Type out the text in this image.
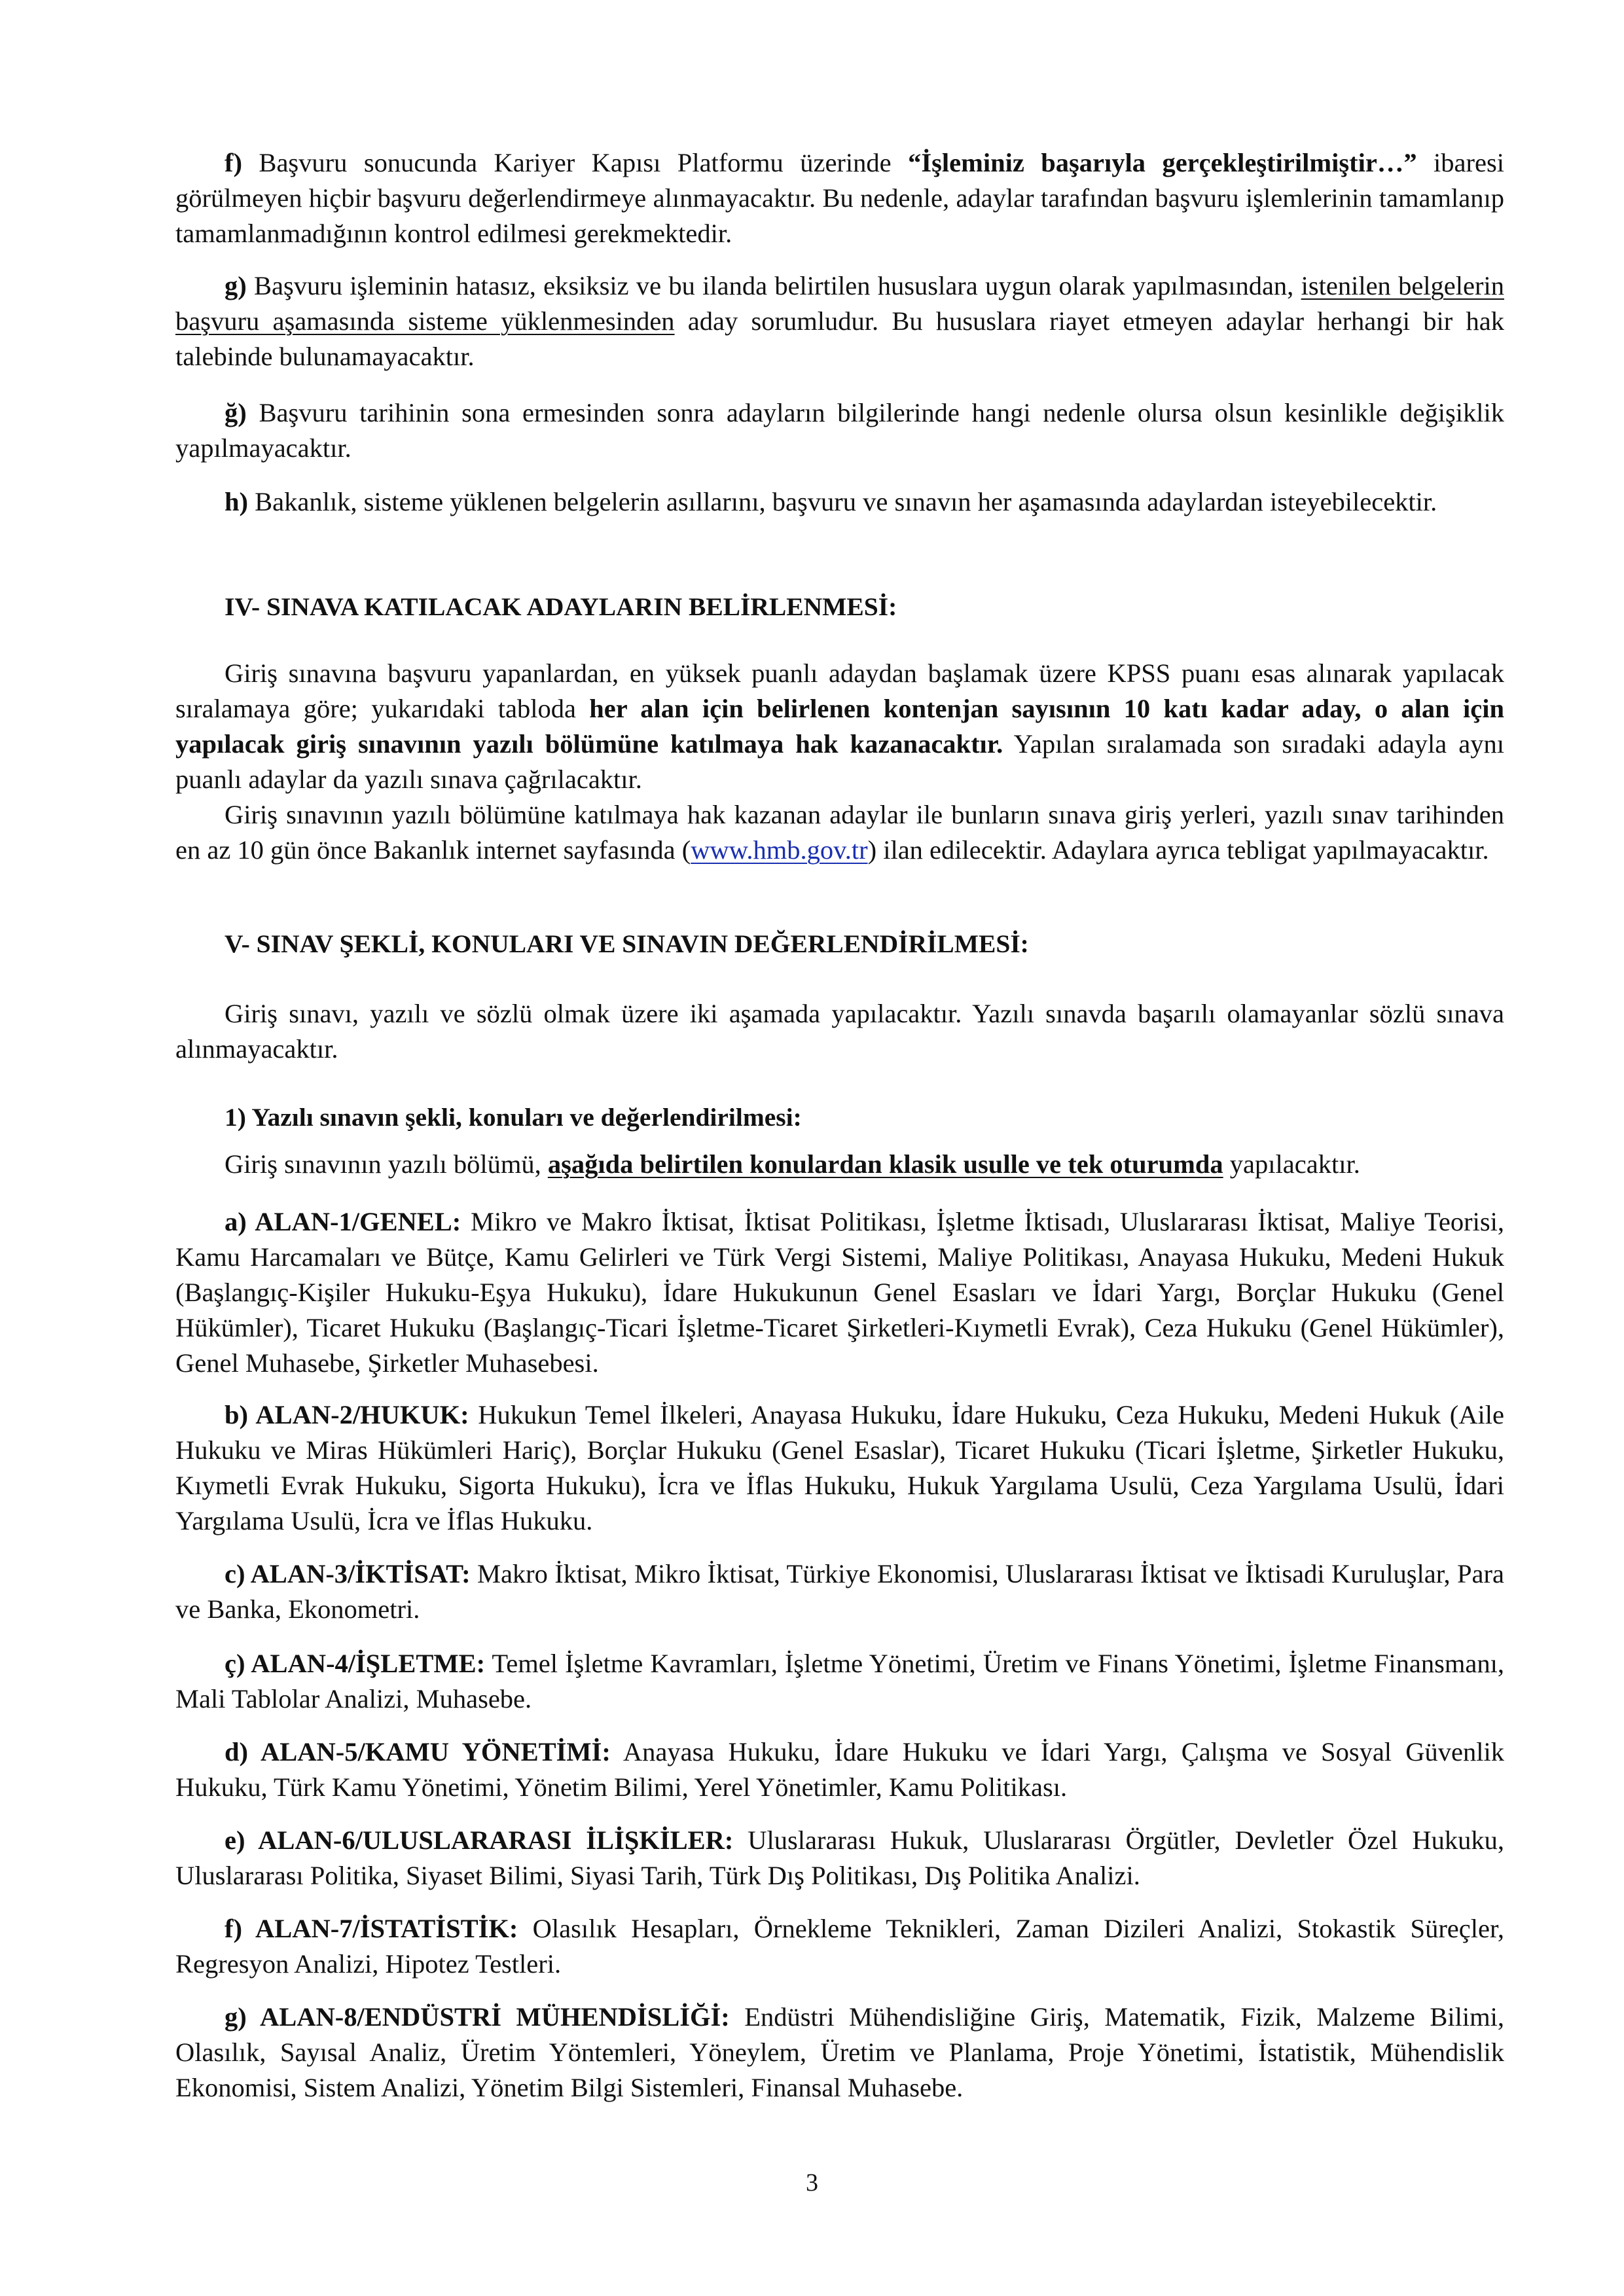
f) Başvuru sonucunda Kariyer Kapısı Platformu üzerinde “İşleminiz başarıyla gerçekleştirilmiştir…” ibaresi görülmeyen hiçbir başvuru değerlendirmeye alınmayacaktır. Bu nedenle, adaylar tarafından başvuru işlemlerinin tamamlanıp tamamlanmadığının kontrol edilmesi gerekmektedir.

g) Başvuru işleminin hatasız, eksiksiz ve bu ilanda belirtilen hususlara uygun olarak yapılmasından, istenilen belgelerin başvuru aşamasında sisteme yüklenmesinden aday sorumludur. Bu hususlara riayet etmeyen adaylar herhangi bir hak talebinde bulunamayacaktır.

ğ) Başvuru tarihinin sona ermesinden sonra adayların bilgilerinde hangi nedenle olursa olsun kesinlikle değişiklik yapılmayacaktır.

h) Bakanlık, sisteme yüklenen belgelerin asıllarını, başvuru ve sınavın her aşamasında adaylardan isteyebilecektir.

IV- SINAVA KATILACAK ADAYLARIN BELİRLENMESİ:

Giriş sınavına başvuru yapanlardan, en yüksek puanlı adaydan başlamak üzere KPSS puanı esas alınarak yapılacak sıralamaya göre; yukarıdaki tabloda her alan için belirlenen kontenjan sayısının 10 katı kadar aday, o alan için yapılacak giriş sınavının yazılı bölümüne katılmaya hak kazanacaktır. Yapılan sıralamada son sıradaki adayla aynı puanlı adaylar da yazılı sınava çağrılacaktır.

Giriş sınavının yazılı bölümüne katılmaya hak kazanan adaylar ile bunların sınava giriş yerleri, yazılı sınav tarihinden en az 10 gün önce Bakanlık internet sayfasında (www.hmb.gov.tr) ilan edilecektir. Adaylara ayrıca tebligat yapılmayacaktır.

V- SINAV ŞEKLİ, KONULARI VE SINAVIN DEĞERLENDİRİLMESİ:

Giriş sınavı, yazılı ve sözlü olmak üzere iki aşamada yapılacaktır. Yazılı sınavda başarılı olamayanlar sözlü sınava alınmayacaktır.

1) Yazılı sınavın şekli, konuları ve değerlendirilmesi:

Giriş sınavının yazılı bölümü, aşağıda belirtilen konulardan klasik usulle ve tek oturumda yapılacaktır.

a) ALAN-1/GENEL: Mikro ve Makro İktisat, İktisat Politikası, İşletme İktisadı, Uluslararası İktisat, Maliye Teorisi, Kamu Harcamaları ve Bütçe, Kamu Gelirleri ve Türk Vergi Sistemi, Maliye Politikası, Anayasa Hukuku, Medeni Hukuk (Başlangıç-Kişiler Hukuku-Eşya Hukuku), İdare Hukukunun Genel Esasları ve İdari Yargı, Borçlar Hukuku (Genel Hükümler), Ticaret Hukuku (Başlangıç-Ticari İşletme-Ticaret Şirketleri-Kıymetli Evrak), Ceza Hukuku (Genel Hükümler), Genel Muhasebe, Şirketler Muhasebesi.

b) ALAN-2/HUKUK: Hukukun Temel İlkeleri, Anayasa Hukuku, İdare Hukuku, Ceza Hukuku, Medeni Hukuk (Aile Hukuku ve Miras Hükümleri Hariç), Borçlar Hukuku (Genel Esaslar), Ticaret Hukuku (Ticari İşletme, Şirketler Hukuku, Kıymetli Evrak Hukuku, Sigorta Hukuku), İcra ve İflas Hukuku, Hukuk Yargılama Usulü, Ceza Yargılama Usulü, İdari Yargılama Usulü, İcra ve İflas Hukuku.

c) ALAN-3/İKTİSAT: Makro İktisat, Mikro İktisat, Türkiye Ekonomisi, Uluslararası İktisat ve İktisadi Kuruluşlar, Para ve Banka, Ekonometri.

ç) ALAN-4/İŞLETME: Temel İşletme Kavramları, İşletme Yönetimi, Üretim ve Finans Yönetimi, İşletme Finansmanı, Mali Tablolar Analizi, Muhasebe.

d) ALAN-5/KAMU YÖNETİMİ: Anayasa Hukuku, İdare Hukuku ve İdari Yargı, Çalışma ve Sosyal Güvenlik Hukuku, Türk Kamu Yönetimi, Yönetim Bilimi, Yerel Yönetimler, Kamu Politikası.

e) ALAN-6/ULUSLARARASI İLİŞKİLER: Uluslararası Hukuk, Uluslararası Örgütler, Devletler Özel Hukuku, Uluslararası Politika, Siyaset Bilimi, Siyasi Tarih, Türk Dış Politikası, Dış Politika Analizi.

f) ALAN-7/İSTATİSTİK: Olasılık Hesapları, Örnekleme Teknikleri, Zaman Dizileri Analizi, Stokastik Süreçler, Regresyon Analizi, Hipotez Testleri.

g) ALAN-8/ENDÜSTRİ MÜHENDİSLİĞİ: Endüstri Mühendisliğine Giriş, Matematik, Fizik, Malzeme Bilimi, Olasılık, Sayısal Analiz, Üretim Yöntemleri, Yöneylem, Üretim ve Planlama, Proje Yönetimi, İstatistik, Mühendislik Ekonomisi, Sistem Analizi, Yönetim Bilgi Sistemleri, Finansal Muhasebe.

3
